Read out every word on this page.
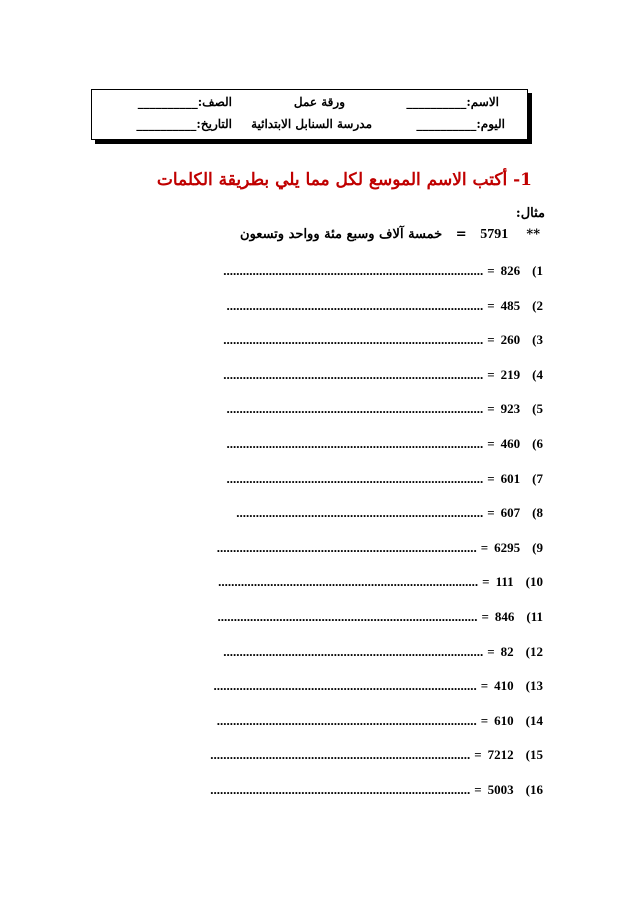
الاسم:__________
ورقة عمل
الصف:__________
اليوم:__________
مدرسة السنابل الابتدائية
التاريخ:__________
1- أكتب الاسم الموسع لكل مما يلي بطريقة الكلمات
مثال:
**    5791   =   خمسة آلاف وسبع مئة وواحد وتسعون
1)826=................................................................................
2)485=...............................................................................
3)260=................................................................................
4)219=................................................................................
5)923=...............................................................................
6)460=...............................................................................
7)601=...............................................................................
8)607=............................................................................
9)6295=................................................................................
10)111=................................................................................
11)846=................................................................................
12)82=................................................................................
13)410=.................................................................................
14)610=................................................................................
15)7212=................................................................................
16)5003=................................................................................
